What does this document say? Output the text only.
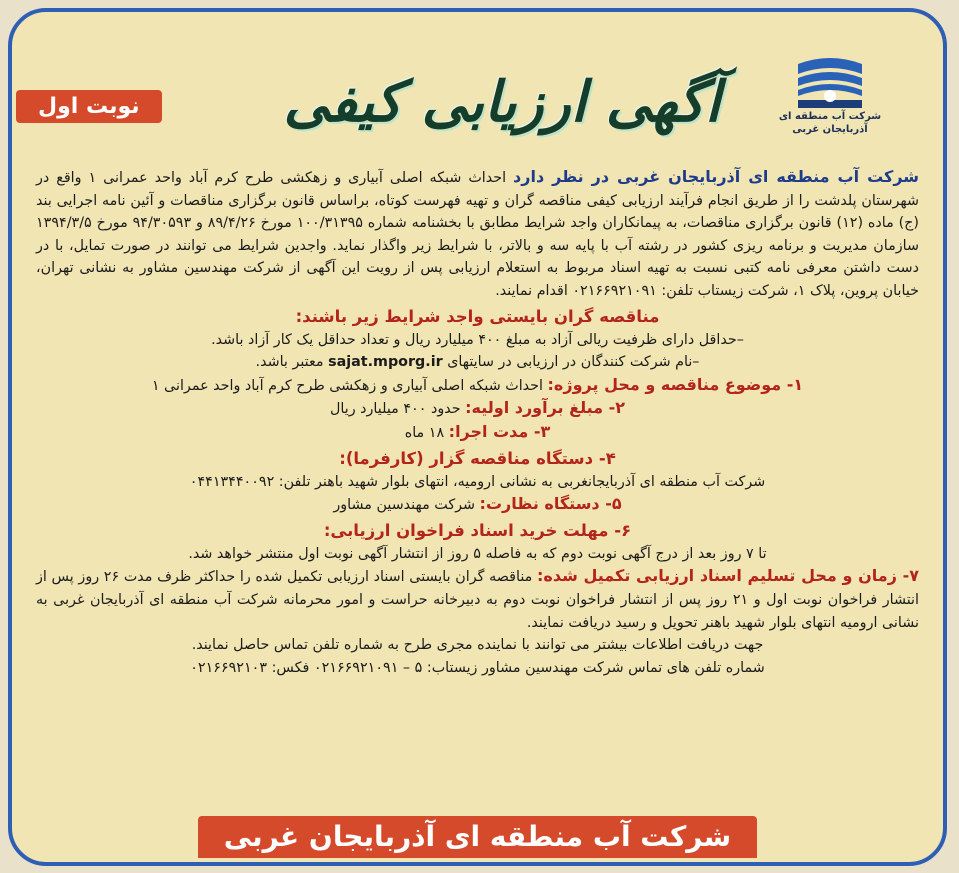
شرکت آب منطقه ای
آذربایجان غربی
آگهی ارزیابی کیفی
نوبت اول

شرکت آب منطقه ای آذربایجان غربی در نظر دارد احداث شبکه اصلی آبیاری و زهکشی طرح کرم آباد واحد عمرانی ۱ واقع در شهرستان پلدشت را از طریق انجام فرآیند ارزیابی کیفی مناقصه گران و تهیه فهرست کوتاه، براساس قانون برگزاری مناقصات و آئین نامه اجرایی بند (ج) ماده (۱۲) قانون برگزاری مناقصات، به پیمانکاران واجد شرایط مطابق با بخشنامه شماره ۱۰۰/۳۱۳۹۵ مورخ ۸۹/۴/۲۶ و ۹۴/۳۰۵۹۳ مورخ ۱۳۹۴/۳/۵ سازمان مدیریت و برنامه ریزی کشور در رشته آب با پایه سه و بالاتر، با شرایط زیر واگذار نماید. واجدین شرایط می توانند در صورت تمایل، با در دست داشتن معرفی نامه کتبی نسبت به تهیه اسناد مربوط به استعلام ارزیابی پس از رویت این آگهی از شرکت مهندسین مشاور به نشانی تهران، خیابان پروین، پلاک ۱، شرکت زیستاب تلفن: ۰۲۱۶۶۹۲۱۰۹۱ اقدام نمایند.

مناقصه گران بایستی واجد شرایط زیر باشند:

–حداقل دارای ظرفیت ریالی آزاد به مبلغ ۴۰۰ میلیارد ریال و تعداد حداقل یک کار آزاد باشد.

–نام شرکت کنندگان در ارزیابی در سایتهای sajat.mporg.ir معتبر باشد.

۱- موضوع مناقصه و محل پروژه: احداث شبکه اصلی آبیاری و زهکشی طرح کرم آباد واحد عمرانی ۱

۲- مبلغ برآورد اولیه: حدود ۴۰۰ میلیارد ریال

۳- مدت اجرا: ۱۸ ماه

۴- دستگاه مناقصه گزار (کارفرما):

شرکت آب منطقه ای آذربایجانغربی به نشانی ارومیه، انتهای بلوار شهید باهنر تلفن: ۰۴۴۱۳۴۴۰۰۹۲

۵- دستگاه نظارت: شرکت مهندسین مشاور

۶- مهلت خرید اسناد فراخوان ارزیابی:

تا ۷ روز بعد از درج آگهی نوبت دوم که به فاصله ۵ روز از انتشار آگهی نوبت اول منتشر خواهد شد.

۷- زمان و محل تسلیم اسناد ارزیابی تکمیل شده: مناقصه گران بایستی اسناد ارزیابی تکمیل شده را حداکثر ظرف مدت ۲۶ روز پس از انتشار فراخوان نوبت اول و ۲۱ روز پس از انتشار فراخوان نوبت دوم به دبیرخانه حراست و امور محرمانه شرکت آب منطقه ای آذربایجان غربی به نشانی ارومیه انتهای بلوار شهید باهنر تحویل و رسید دریافت نمایند.

جهت دریافت اطلاعات بیشتر می توانند با نماینده مجری طرح به شماره تلفن تماس حاصل نمایند.

شماره تلفن های تماس شرکت مهندسین مشاور زیستاب: ۵ – ۰۲۱۶۶۹۲۱۰۹۱ فکس: ۰۲۱۶۶۹۲۱۰۳

شرکت آب منطقه ای آذربایجان غربی
